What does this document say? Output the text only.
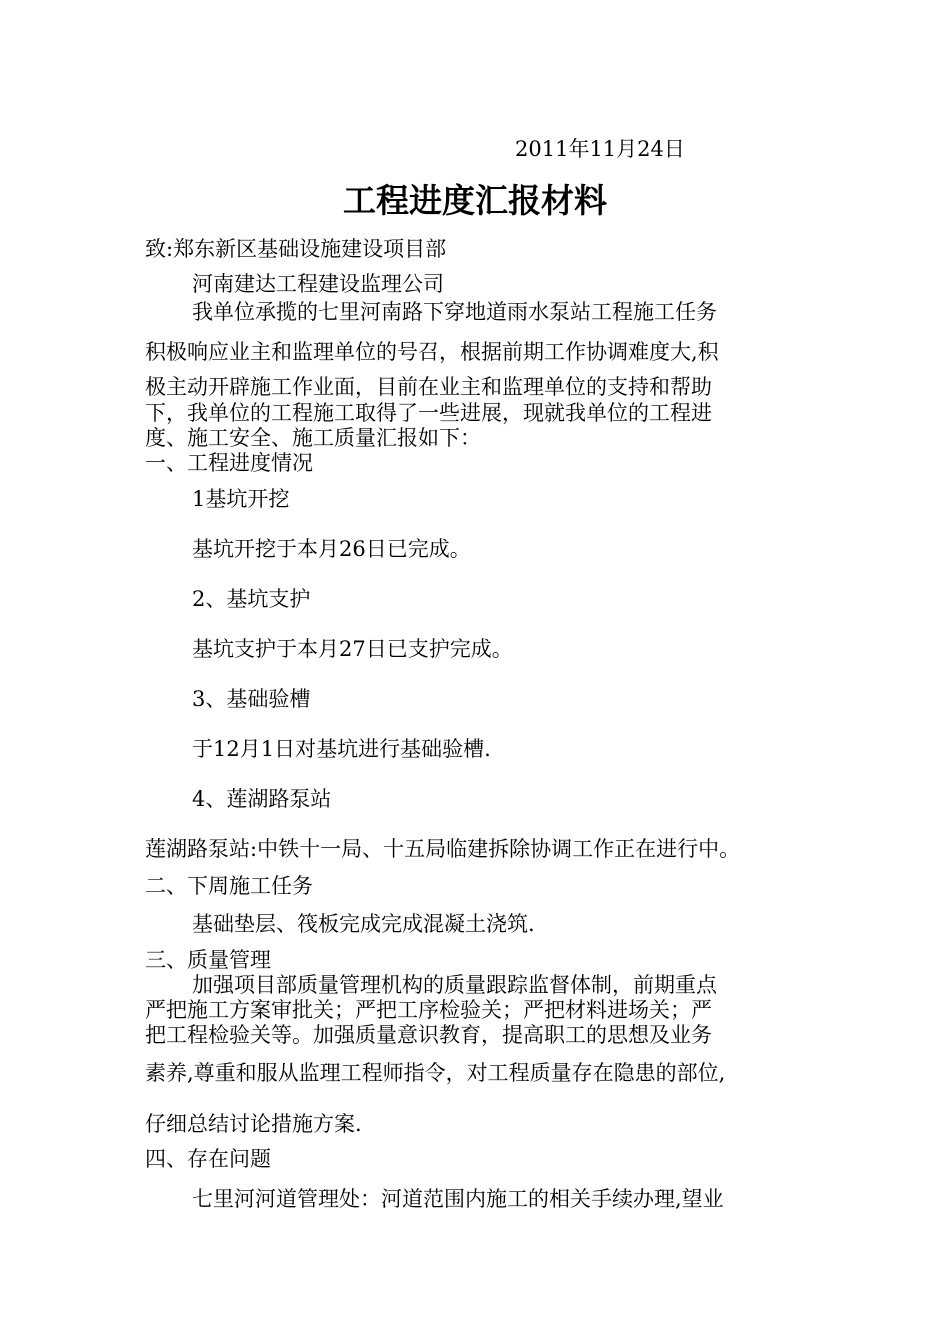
2011年11月24日
工程进度汇报材料
致:郑东新区基础设施建设项目部
河南建达工程建设监理公司
我单位承揽的七里河南路下穿地道雨水泵站工程施工任务
积极响应业主和监理单位的号召，根据前期工作协调难度大,积
极主动开辟施工作业面，目前在业主和监理单位的支持和帮助
下，我单位的工程施工取得了一些进展，现就我单位的工程进
度、施工安全、施工质量汇报如下：
一、工程进度情况
1基坑开挖
基坑开挖于本月26日已完成。
2、基坑支护
基坑支护于本月27日已支护完成。
3、基础验槽
于12月1日对基坑进行基础验槽.
4、莲湖路泵站
莲湖路泵站:中铁十一局、十五局临建拆除协调工作正在进行中。
二、下周施工任务
基础垫层、筏板完成完成混凝土浇筑.
三、质量管理
加强项目部质量管理机构的质量跟踪监督体制，前期重点
严把施工方案审批关；严把工序检验关；严把材料进场关；严
把工程检验关等。加强质量意识教育，提高职工的思想及业务
素养,尊重和服从监理工程师指令，对工程质量存在隐患的部位,
仔细总结讨论措施方案.
四、存在问题
七里河河道管理处：河道范围内施工的相关手续办理,望业
